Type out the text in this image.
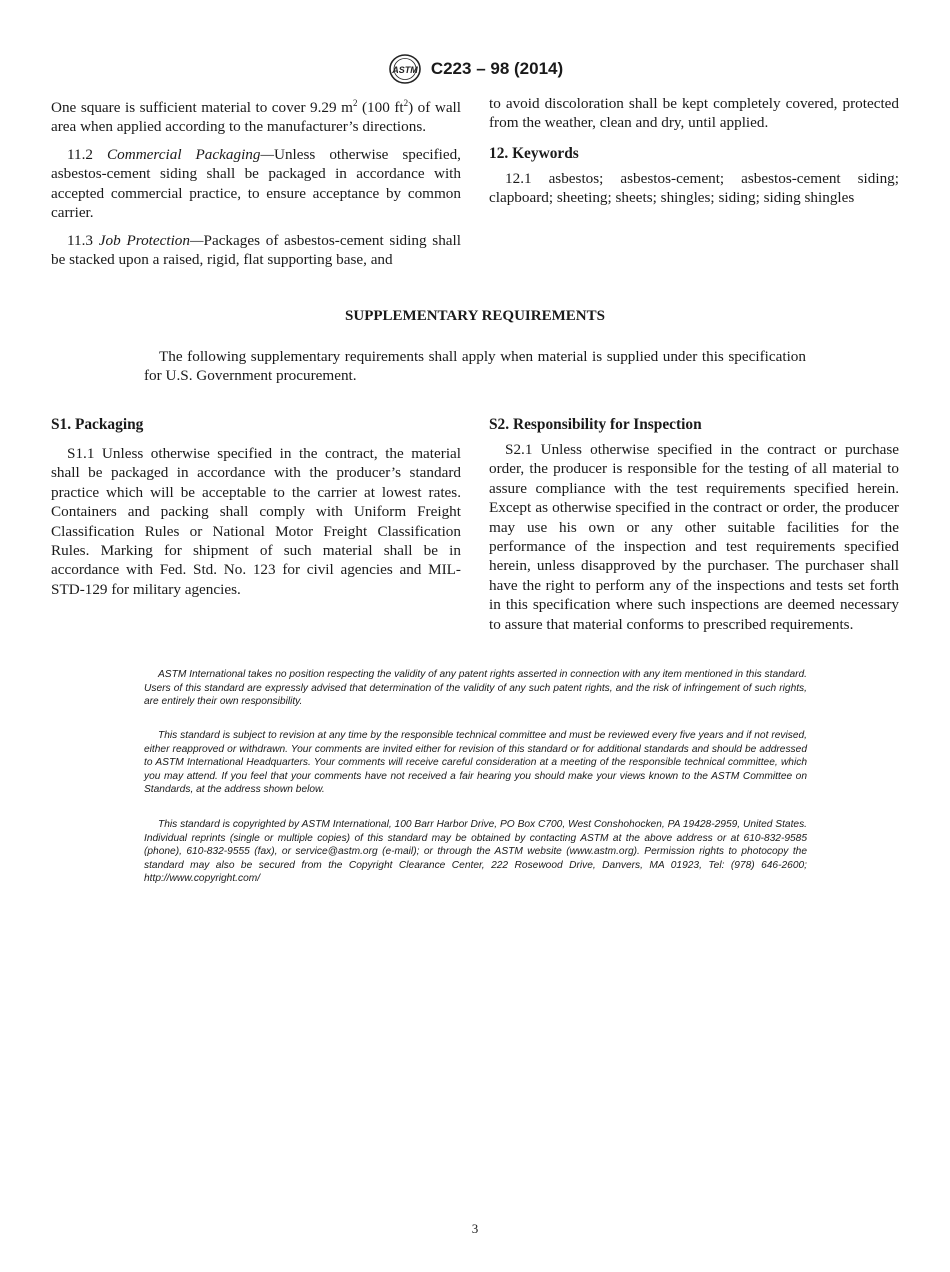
ASTM C223 – 98 (2014)

One square is sufficient material to cover 9.29 $m^2$ (100 $ft^2$) of wall area when applied according to the manufacturer’s directions.

11.2 Commercial Packaging—Unless otherwise specified, asbestos-cement siding shall be packaged in accordance with accepted commercial practice, to ensure acceptance by common carrier.

11.3 Job Protection—Packages of asbestos-cement siding shall be stacked upon a raised, rigid, flat supporting base, and

to avoid discoloration shall be kept completely covered, protected from the weather, clean and dry, until applied.

12. Keywords

12.1 asbestos; asbestos-cement; asbestos-cement siding; clapboard; sheeting; sheets; shingles; siding; siding shingles

SUPPLEMENTARY REQUIREMENTS

The following supplementary requirements shall apply when material is supplied under this specification for U.S. Government procurement.

S1. Packaging

S1.1 Unless otherwise specified in the contract, the material shall be packaged in accordance with the producer’s standard practice which will be acceptable to the carrier at lowest rates. Containers and packing shall comply with Uniform Freight Classification Rules or National Motor Freight Classification Rules. Marking for shipment of such material shall be in accordance with Fed. Std. No. 123 for civil agencies and MIL-STD-129 for military agencies.

S2. Responsibility for Inspection

S2.1 Unless otherwise specified in the contract or purchase order, the producer is responsible for the testing of all material to assure compliance with the test requirements specified herein. Except as otherwise specified in the contract or order, the producer may use his own or any other suitable facilities for the performance of the inspection and test requirements specified herein, unless disapproved by the purchaser. The purchaser shall have the right to perform any of the inspections and tests set forth in this specification where such inspections are deemed necessary to assure that material conforms to prescribed requirements.

ASTM International takes no position respecting the validity of any patent rights asserted in connection with any item mentioned in this standard. Users of this standard are expressly advised that determination of the validity of any such patent rights, and the risk of infringement of such rights, are entirely their own responsibility.

This standard is subject to revision at any time by the responsible technical committee and must be reviewed every five years and if not revised, either reapproved or withdrawn. Your comments are invited either for revision of this standard or for additional standards and should be addressed to ASTM International Headquarters. Your comments will receive careful consideration at a meeting of the responsible technical committee, which you may attend. If you feel that your comments have not received a fair hearing you should make your views known to the ASTM Committee on Standards, at the address shown below.

This standard is copyrighted by ASTM International, 100 Barr Harbor Drive, PO Box C700, West Conshohocken, PA 19428-2959, United States. Individual reprints (single or multiple copies) of this standard may be obtained by contacting ASTM at the above address or at 610-832-9585 (phone), 610-832-9555 (fax), or service@astm.org (e-mail); or through the ASTM website (www.astm.org). Permission rights to photocopy the standard may also be secured from the Copyright Clearance Center, 222 Rosewood Drive, Danvers, MA 01923, Tel: (978) 646-2600; http://www.copyright.com/

3
